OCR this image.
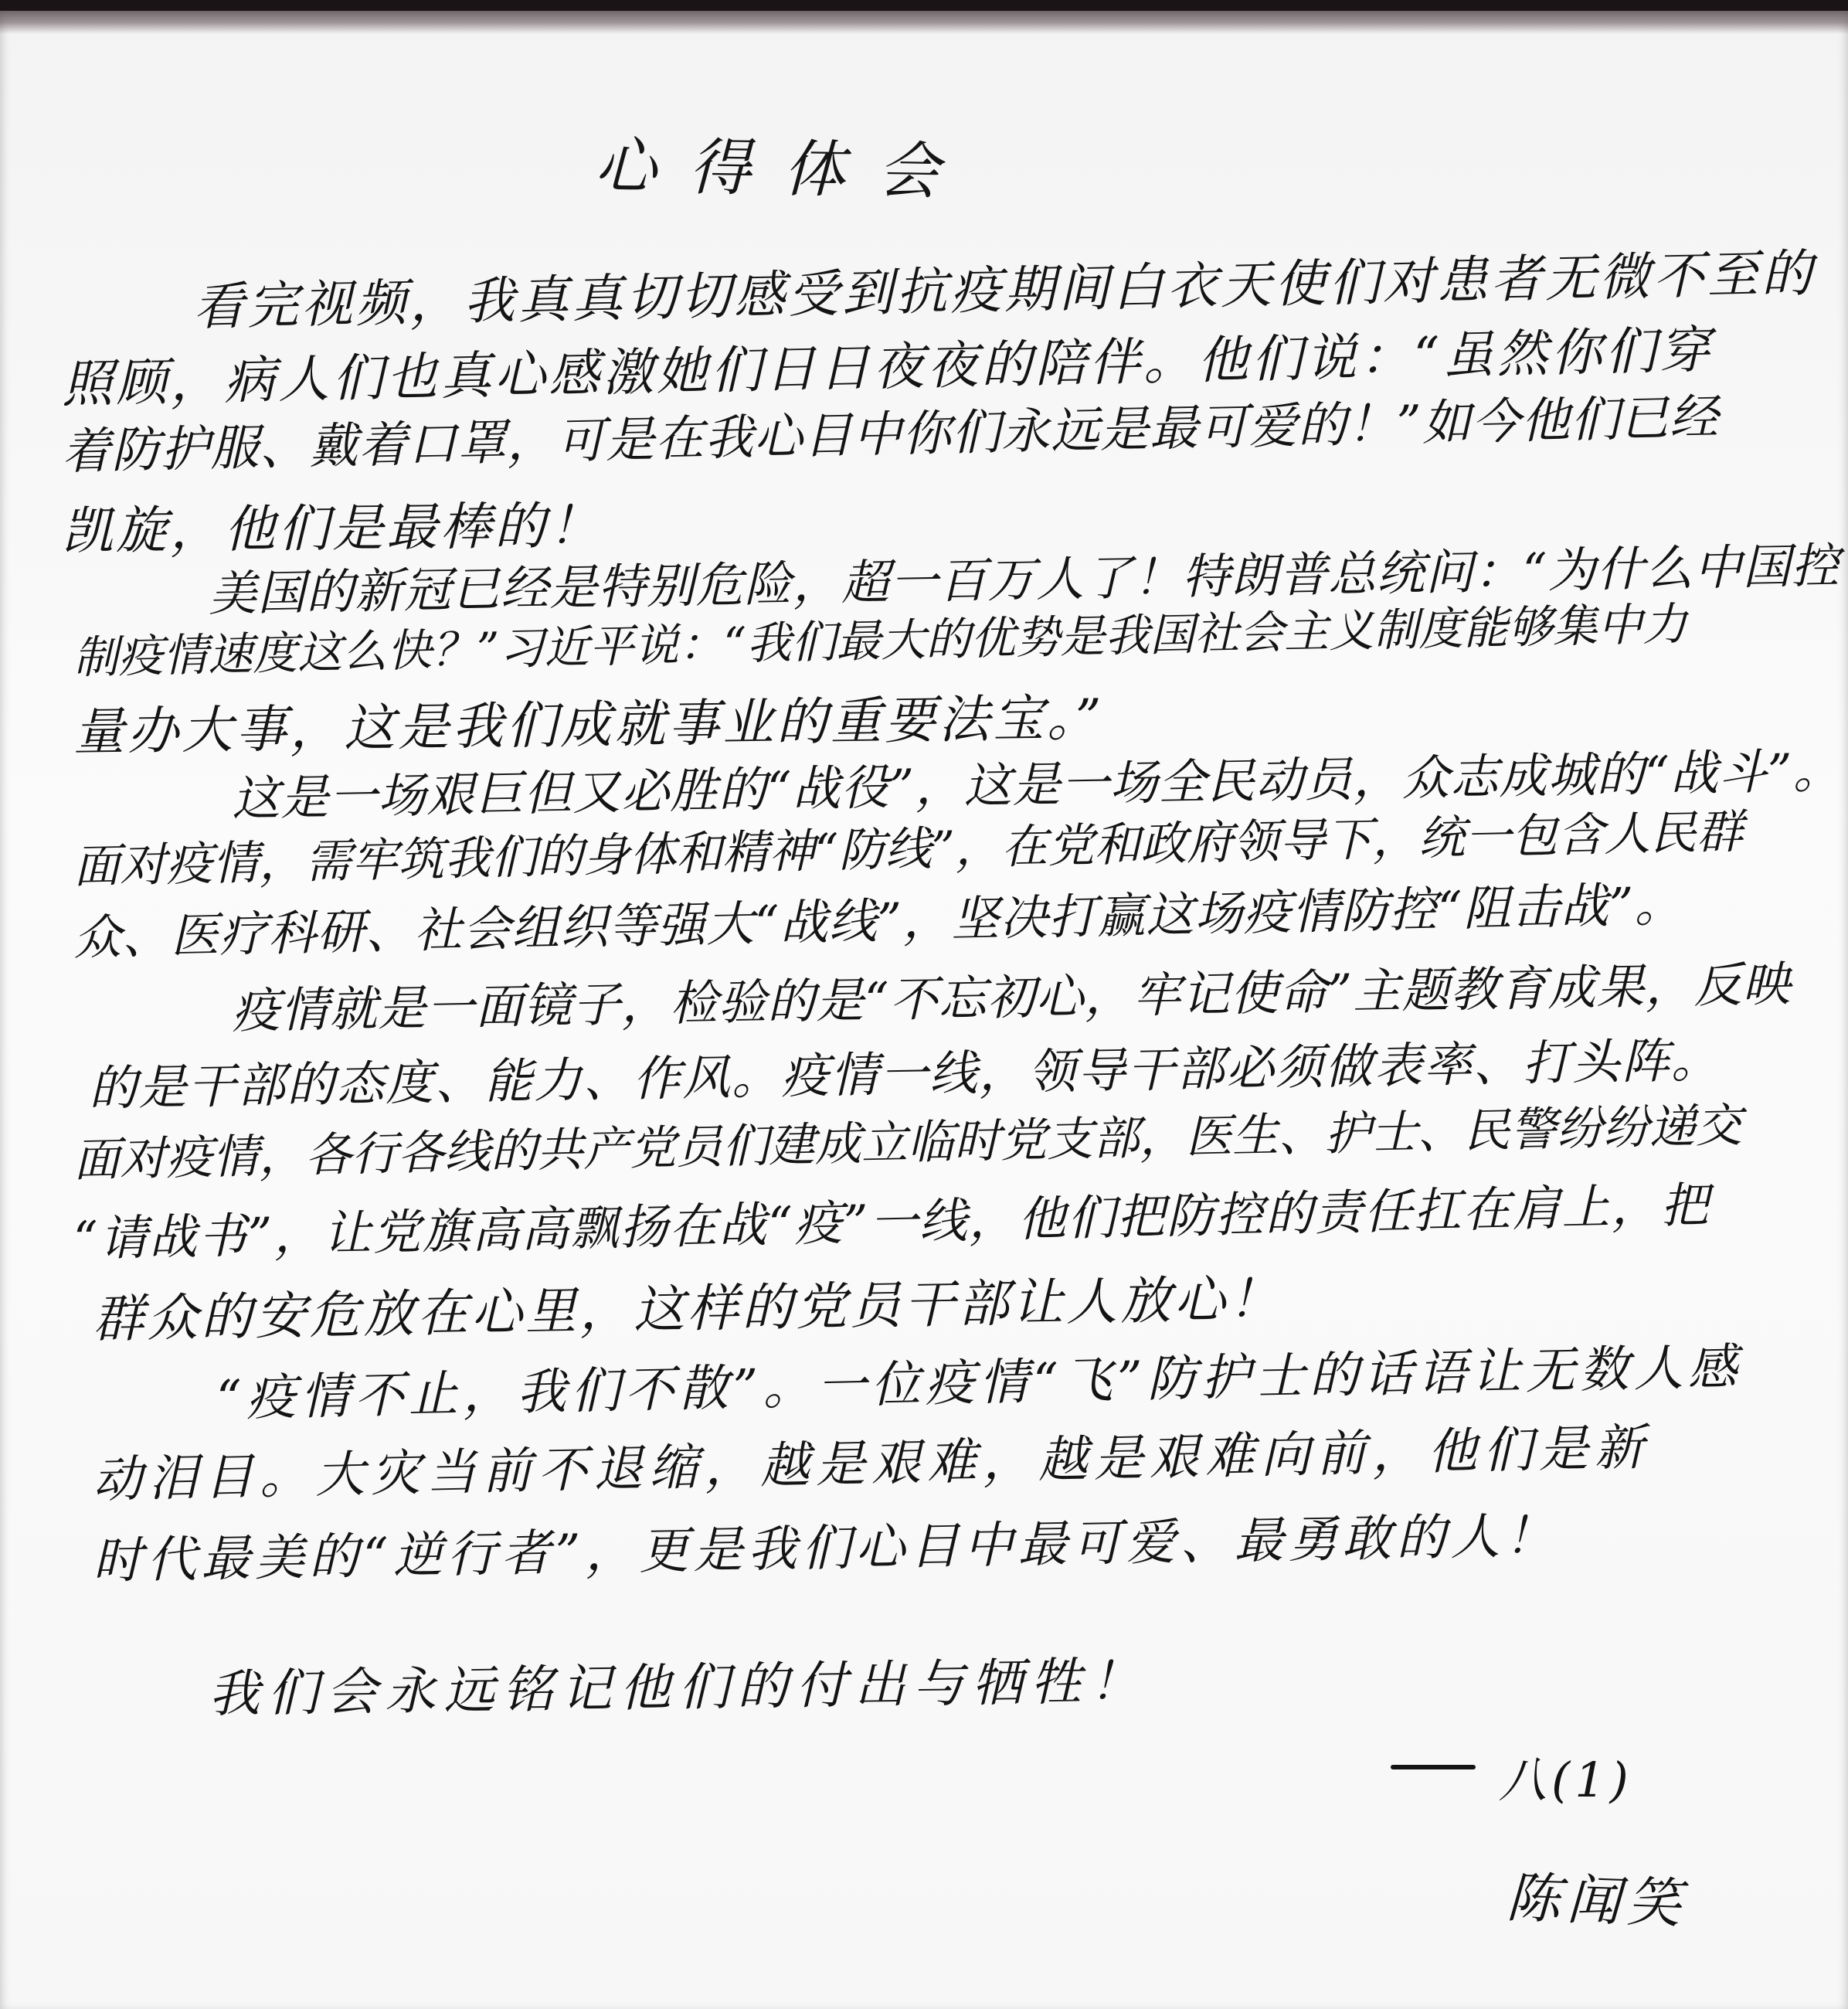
心得体会
看完视频，我真真切切感受到抗疫期间白衣天使们对患者无微不至的
照顾，病人们也真心感激她们日日夜夜的陪伴。他们说：“虽然你们穿
着防护服、戴着口罩，可是在我心目中你们永远是最可爱的！”如今他们已经
凯旋，他们是最棒的！
美国的新冠已经是特别危险，超一百万人了！特朗普总统问：“为什么中国控
制疫情速度这么快？”习近平说：“我们最大的优势是我国社会主义制度能够集中力
量办大事，这是我们成就事业的重要法宝。”
这是一场艰巨但又必胜的“战役”，这是一场全民动员，众志成城的“战斗”。
面对疫情，需牢筑我们的身体和精神“防线”，在党和政府领导下，统一包含人民群
众、医疗科研、社会组织等强大“战线”，坚决打赢这场疫情防控“阻击战”。
疫情就是一面镜子，检验的是“不忘初心，牢记使命”主题教育成果，反映
的是干部的态度、能力、作风。疫情一线，领导干部必须做表率、打头阵。
面对疫情，各行各线的共产党员们建成立临时党支部，医生、护士、民警纷纷递交
“请战书”，让党旗高高飘扬在战“疫”一线，他们把防控的责任扛在肩上，把
群众的安危放在心里，这样的党员干部让人放心！
“疫情不止，我们不散”。一位疫情“飞”防护士的话语让无数人感
动泪目。大灾当前不退缩，越是艰难，越是艰难向前，他们是新
时代最美的“逆行者”，更是我们心目中最可爱、最勇敢的人！
我们会永远铭记他们的付出与牺牲！
八(1)
陈闻笑
